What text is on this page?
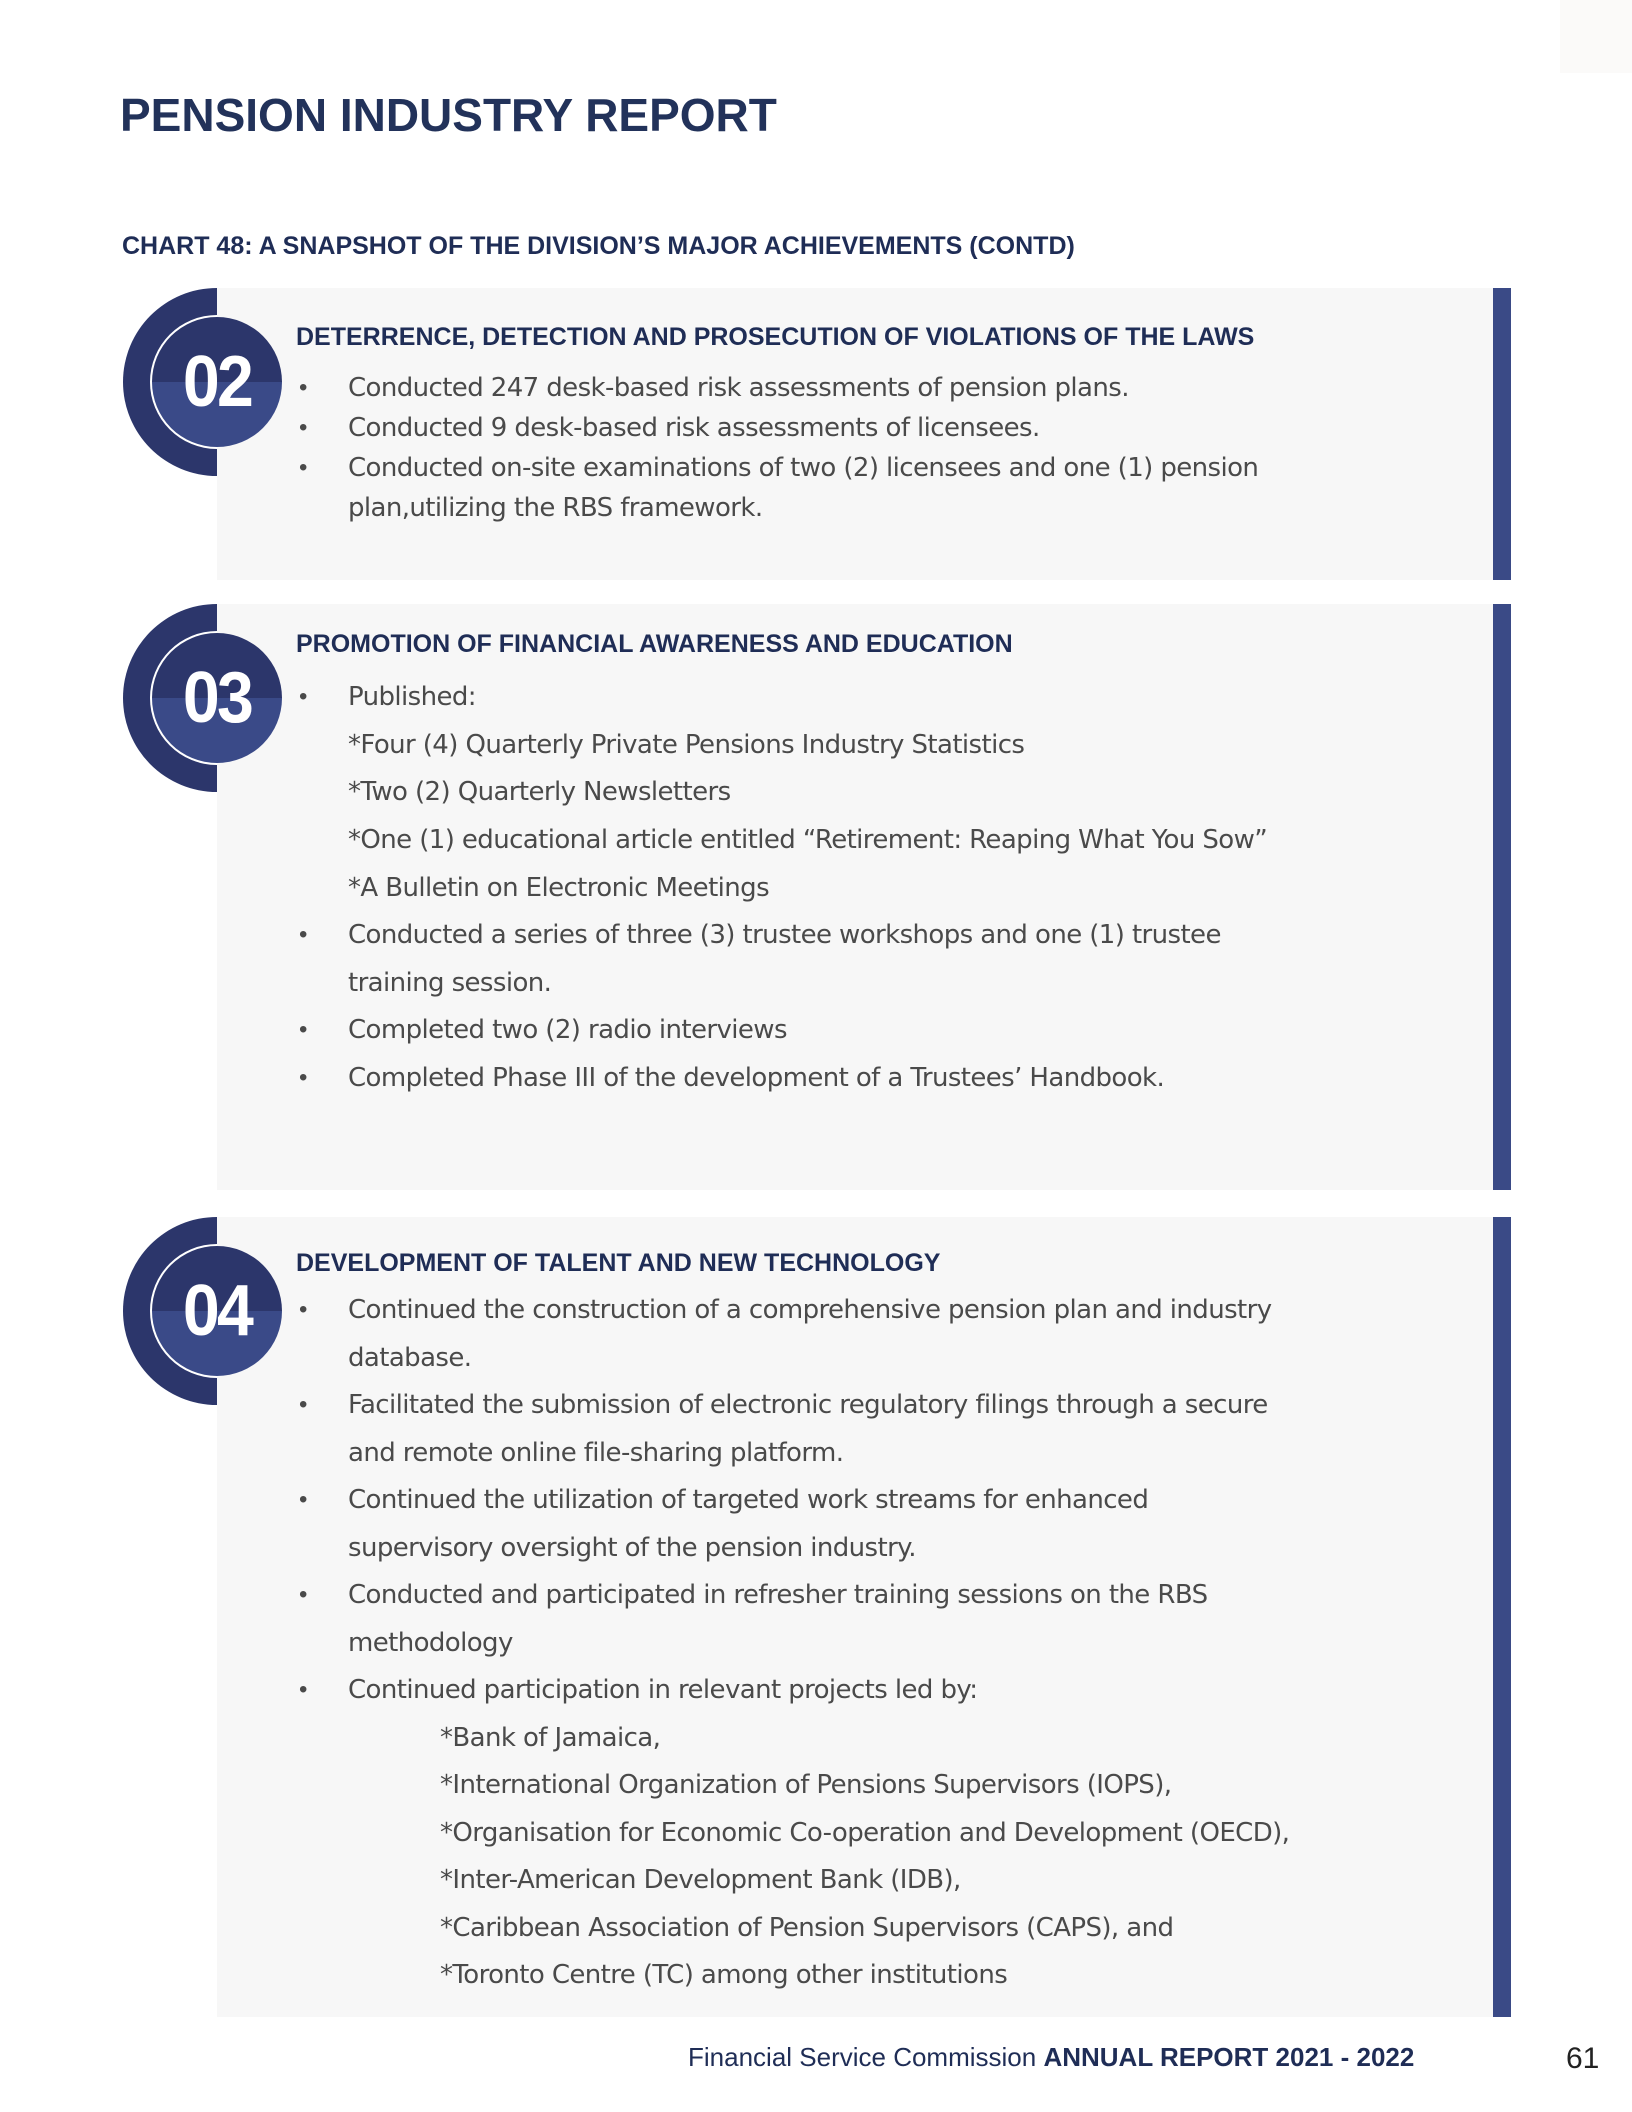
PENSION INDUSTRY REPORT
CHART 48: A SNAPSHOT OF THE DIVISION’S MAJOR ACHIEVEMENTS (CONTD)
02
DETERRENCE, DETECTION AND PROSECUTION OF VIOLATIONS OF THE LAWS
• Conducted 247 desk-based risk assessments of pension plans.
• Conducted 9 desk-based risk assessments of licensees.
• Conducted on-site examinations of two (2) licensees and one (1) pension
plan,utilizing the RBS framework.
03
PROMOTION OF FINANCIAL AWARENESS AND EDUCATION
• Published:
*Four (4) Quarterly Private Pensions Industry Statistics
*Two (2) Quarterly Newsletters
*One (1) educational article entitled “Retirement: Reaping What You Sow”
*A Bulletin on Electronic Meetings
• Conducted a series of three (3) trustee workshops and one (1) trustee
training session.
• Completed two (2) radio interviews
• Completed Phase III of the development of a Trustees’ Handbook.
04
DEVELOPMENT OF TALENT AND NEW TECHNOLOGY
• Continued the construction of a comprehensive pension plan and industry
database.
• Facilitated the submission of electronic regulatory filings through a secure
and remote online file-sharing platform.
• Continued the utilization of targeted work streams for enhanced
supervisory oversight of the pension industry.
• Conducted and participated in refresher training sessions on the RBS
methodology
• Continued participation in relevant projects led by:
*Bank of Jamaica,
*International Organization of Pensions Supervisors (IOPS),
*Organisation for Economic Co-operation and Development (OECD),
*Inter-American Development Bank (IDB),
*Caribbean Association of Pension Supervisors (CAPS), and
*Toronto Centre (TC) among other institutions
Financial Service Commission ANNUAL REPORT 2021 - 2022	61
